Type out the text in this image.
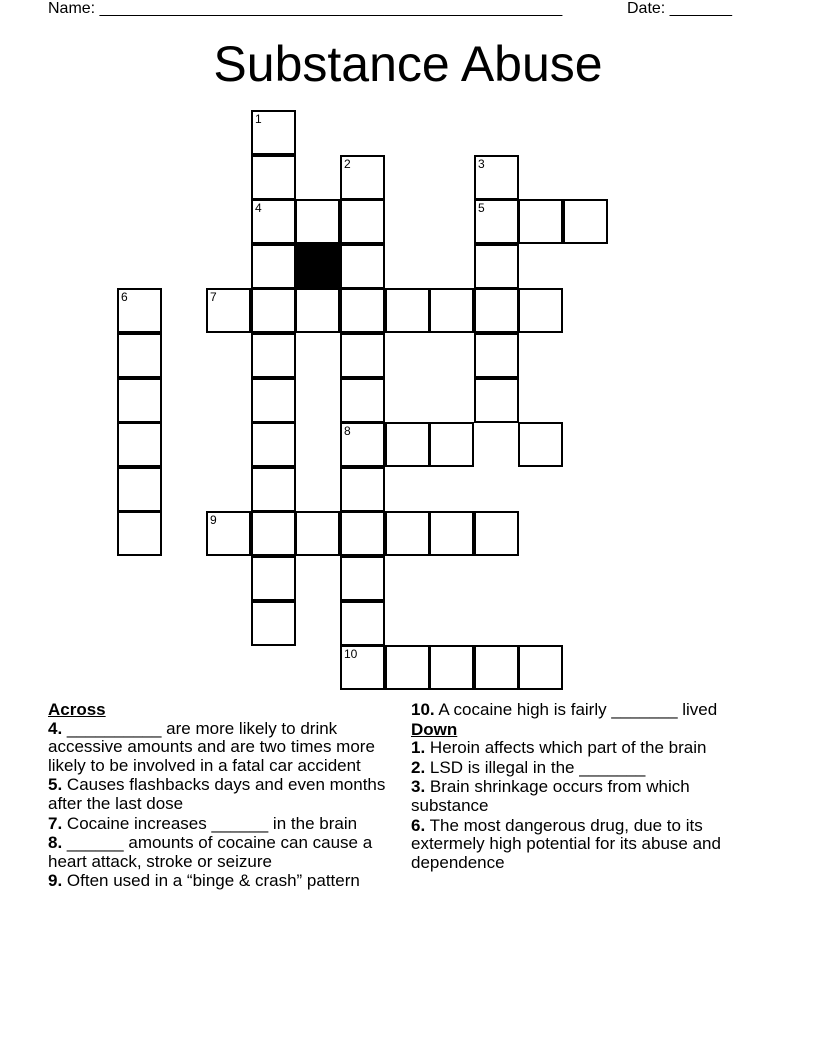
Name: ____________________________________________________	Date: _______
Substance Abuse
1
4
2
8
10
3
5
6	7
9
Across
4. __________ are more likely to drink accessive amounts and are two times more likely to be involved in a fatal car accident
5. Causes flashbacks days and even months after the last dose
7. Cocaine increases ______ in the brain
8. ______ amounts of cocaine can cause a heart attack, stroke or seizure
9. Often used in a “binge & crash” pattern
10. A cocaine high is fairly _______ lived
Down
1. Heroin affects which part of the brain
2. LSD is illegal in the _______
3. Brain shrinkage occurs from which substance
6. The most dangerous drug, due to its extermely high potential for its abuse and dependence
